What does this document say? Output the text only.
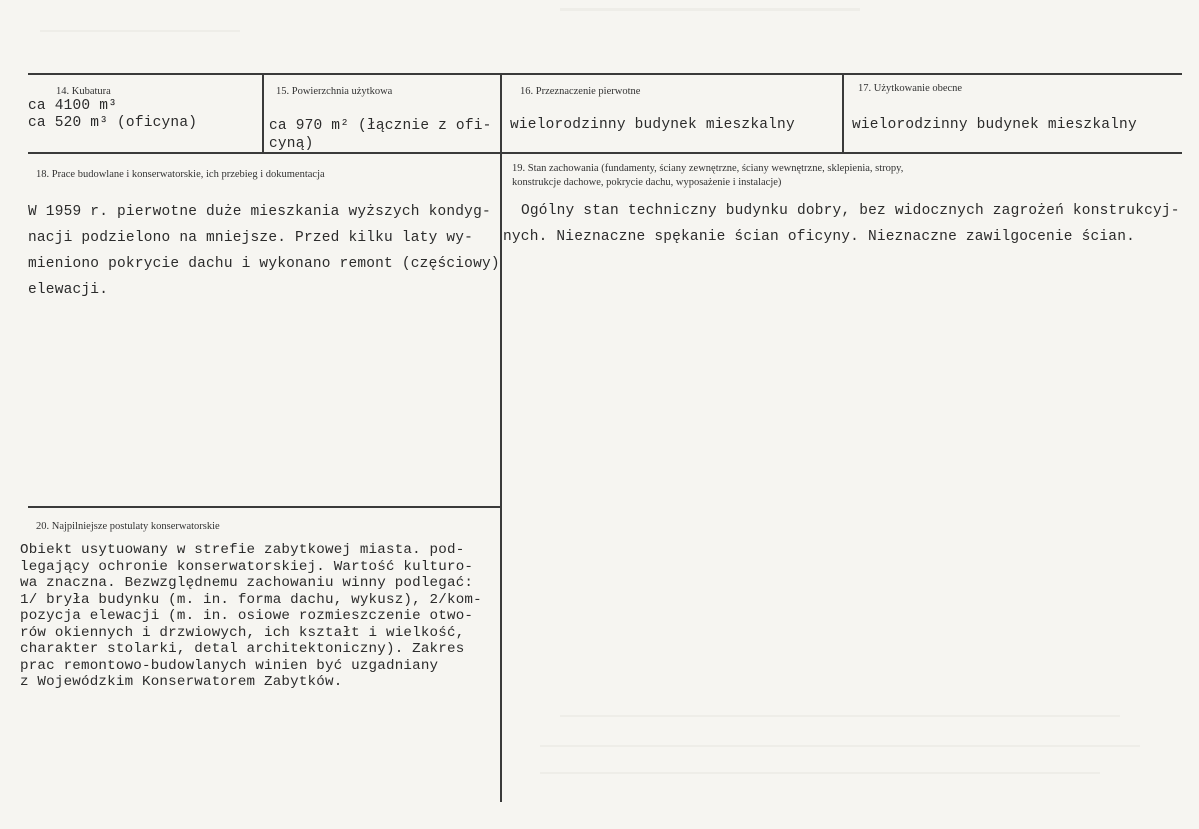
14. Kubatura
ca 4100 m³
ca 520 m³ (oficyna)
15. Powierzchnia użytkowa
ca 970 m² (łącznie z ofi-
cyną)
16. Przeznaczenie pierwotne
wielorodzinny budynek mieszkalny
17. Użytkowanie obecne
wielorodzinny budynek mieszkalny
18. Prace budowlane i konserwatorskie, ich przebieg i dokumentacja
W 1959 r. pierwotne duże mieszkania wyższych kondyg-
nacji podzielono na mniejsze. Przed kilku laty wy-
mieniono pokrycie dachu i wykonano remont (częściowy)
elewacji.
19. Stan zachowania (fundamenty, ściany zewnętrzne, ściany wewnętrzne, sklepienia, stropy,
konstrukcje dachowe, pokrycie dachu, wyposażenie i instalacje)
Ogólny stan techniczny budynku dobry, bez widocznych zagrożeń konstrukcyj-
nych. Nieznaczne spękanie ścian oficyny. Nieznaczne zawilgocenie ścian.
20. Najpilniejsze postulaty konserwatorskie
Obiekt usytuowany w strefie zabytkowej miasta. pod-
legający ochronie konserwatorskiej. Wartość kulturo-
wa znaczna. Bezwzględnemu zachowaniu winny podlegać:
1/ bryła budynku (m. in. forma dachu, wykusz), 2/kom-
pozycja elewacji (m. in. osiowe rozmieszczenie otwo-
rów okiennych i drzwiowych, ich kształt i wielkość,
charakter stolarki, detal architektoniczny). Zakres
prac remontowo-budowlanych winien być uzgadniany
z Wojewódzkim Konserwatorem Zabytków.
